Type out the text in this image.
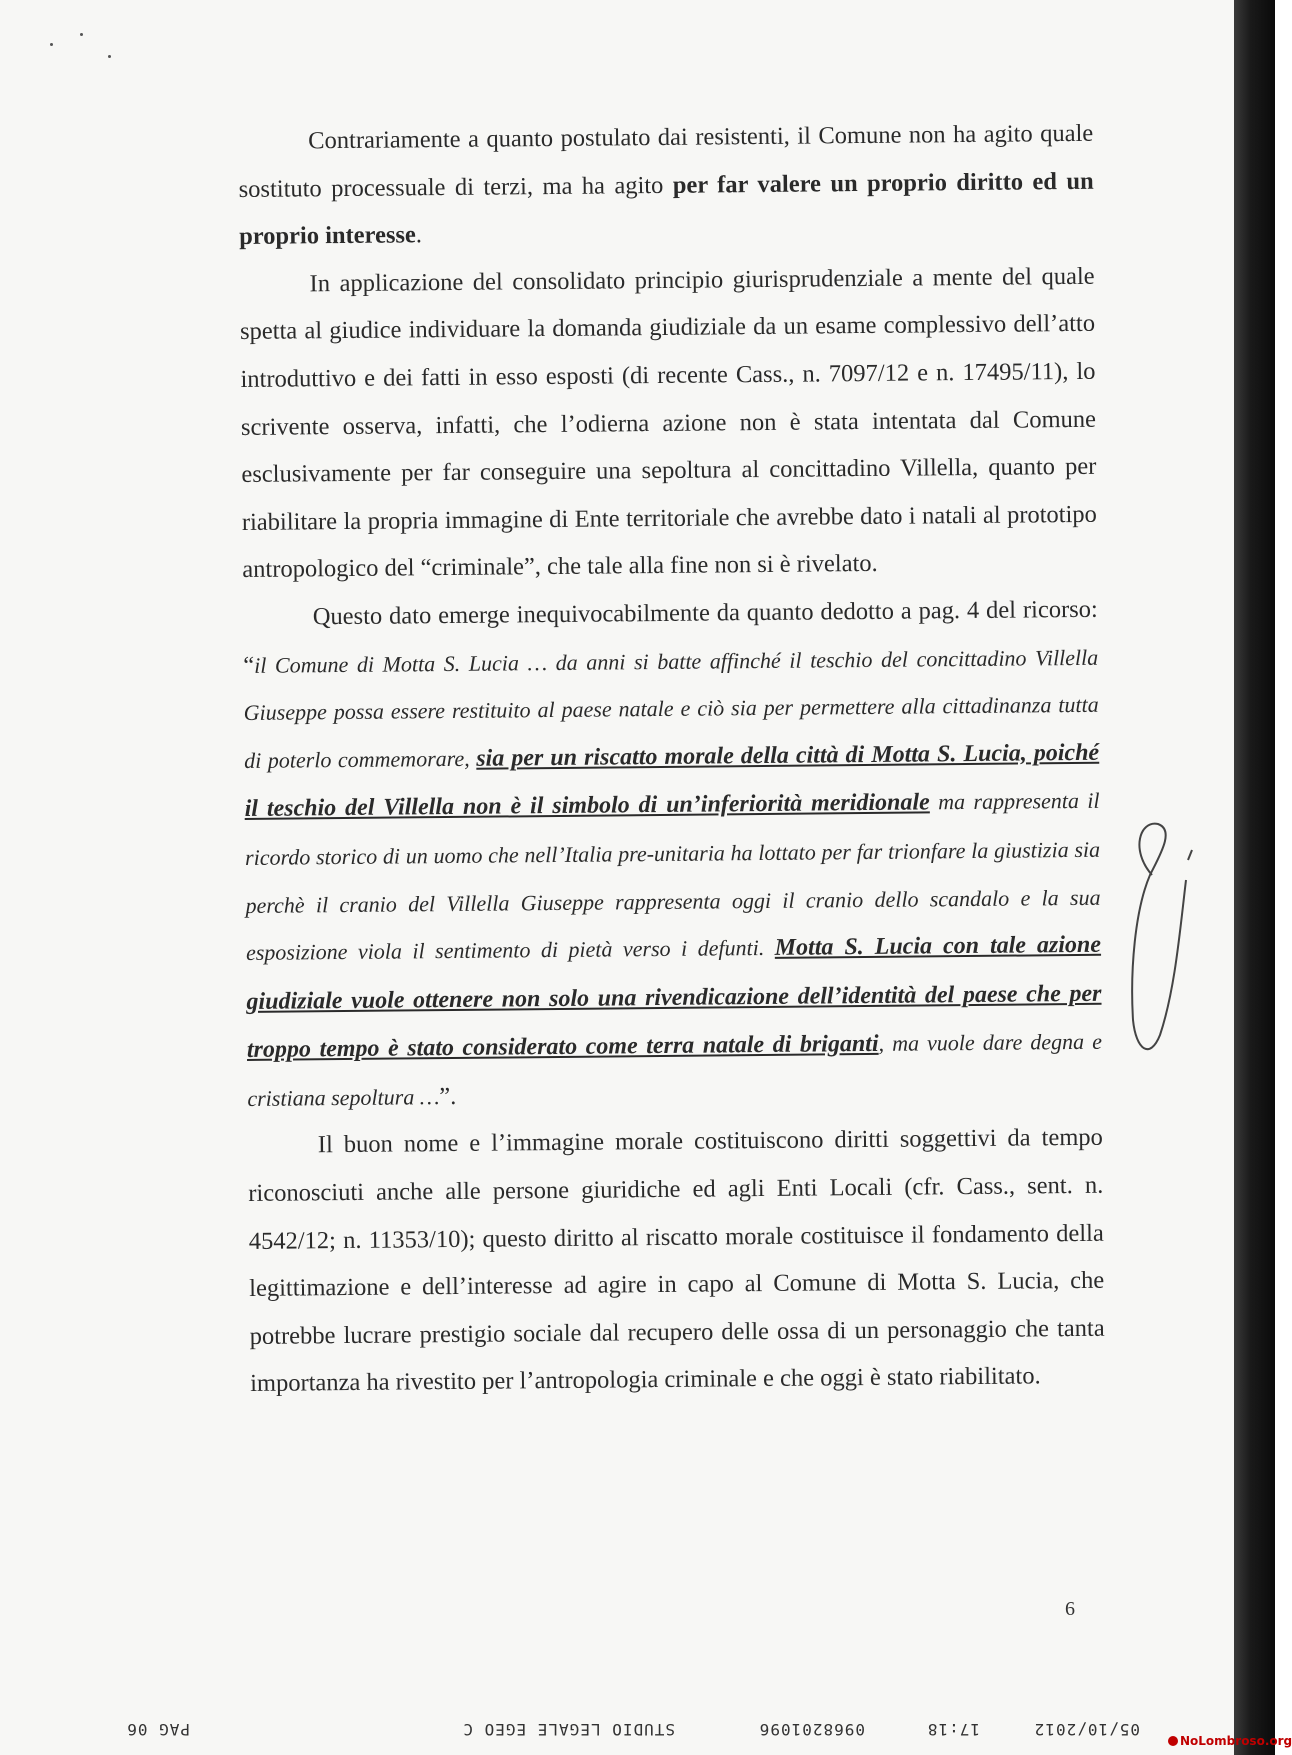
Contrariamente a quanto postulato dai resistenti, il Comune non ha agito quale sostituto processuale di terzi, ma ha agito per far valere un proprio diritto ed un proprio interesse.

In applicazione del consolidato principio giurisprudenziale a mente del quale spetta al giudice individuare la domanda giudiziale da un esame complessivo dell’atto introduttivo e dei fatti in esso esposti (di recente Cass., n. 7097/12 e n. 17495/11), lo scrivente osserva, infatti, che l’odierna azione non è stata intentata dal Comune esclusivamente per far conseguire una sepoltura al concittadino Villella, quanto per riabilitare la propria immagine di Ente territoriale che avrebbe dato i natali al prototipo antropologico del “criminale”, che tale alla fine non si è rivelato.

Questo dato emerge inequivocabilmente da quanto dedotto a pag. 4 del ricorso: “il Comune di Motta S. Lucia … da anni si batte affinché il teschio del concittadino Villella Giuseppe possa essere restituito al paese natale e ciò sia per permettere alla cittadinanza tutta di poterlo commemorare, sia per un riscatto morale della città di Motta S. Lucia, poiché il teschio del Villella non è il simbolo di un’inferiorità meridionale ma rappresenta il ricordo storico di un uomo che nell’Italia pre-unitaria ha lottato per far trionfare la giustizia sia perchè il cranio del Villella Giuseppe rappresenta oggi il cranio dello scandalo e la sua esposizione viola il sentimento di pietà verso i defunti. Motta S. Lucia con tale azione giudiziale vuole ottenere non solo una rivendicazione dell’identità del paese che per troppo tempo è stato considerato come terra natale di briganti, ma vuole dare degna e cristiana sepoltura …”.

Il buon nome e l’immagine morale costituiscono diritti soggettivi da tempo riconosciuti anche alle persone giuridiche ed agli Enti Locali (cfr. Cass., sent. n. 4542/12; n. 11353/10); questo diritto al riscatto morale costituisce il fondamento della legittimazione e dell’interesse ad agire in capo al Comune di Motta S. Lucia, che potrebbe lucrare prestigio sociale dal recupero delle ossa di un personaggio che tanta importanza ha rivestito per l’antropologia criminale e che oggi è stato riabilitato.

6
05/10/2012
17:18
0968201096
STUDIO LEGALE EGEO C
PAG 06
NoLombroso.org
